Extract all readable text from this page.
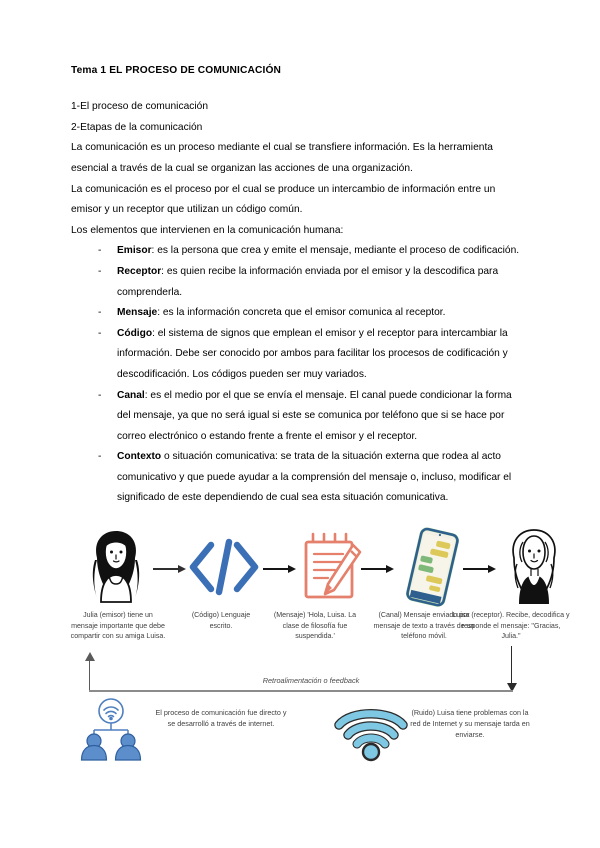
Tema 1 EL PROCESO DE COMUNICACIÓN

1-El proceso de comunicación

2-Etapas de la comunicación

La comunicación es un proceso mediante el cual se transfiere información. Es la herramienta esencial a través de la cual se organizan las acciones de una organización.

La comunicación es el proceso por el cual se produce un intercambio de información entre un emisor y un receptor que utilizan un código común.

Los elementos que intervienen en la comunicación humana:

- Emisor: es la persona que crea y emite el mensaje, mediante el proceso de codificación.
- Receptor: es quien recibe la información enviada por el emisor y la descodifica para comprenderla.
- Mensaje: es la información concreta que el emisor comunica al receptor.
- Código: el sistema de signos que emplean el emisor y el receptor para intercambiar la información. Debe ser conocido por ambos para facilitar los procesos de codificación y descodificación. Los códigos pueden ser muy variados.
- Canal: es el medio por el que se envía el mensaje. El canal puede condicionar la forma del mensaje, ya que no será igual si este se comunica por teléfono que si se hace por correo electrónico o estando frente a frente el emisor y el receptor.
- Contexto o situación comunicativa: se trata de la situación externa que rodea al acto comunicativo y que puede ayudar a la comprensión del mensaje o, incluso, modificar el significado de este dependiendo de cual sea esta situación comunicativa.
Julia (emisor) tiene un mensaje importante que debe compartir con su amiga Luisa.
(Código) Lenguaje escrito.
(Mensaje) 'Hola, Luisa. La clase de filosofía fue suspendida.'
(Canal) Mensaje enviado por mensaje de texto a través de un teléfono móvil.
Luisa (receptor). Recibe, decodifica y responde el mensaje: "Gracias, Julia."
Retroalimentación o feedback
El proceso de comunicación fue directo y se desarrolló a través de internet.
(Ruido) Luisa tiene problemas con la red de Internet y su mensaje tarda en enviarse.
